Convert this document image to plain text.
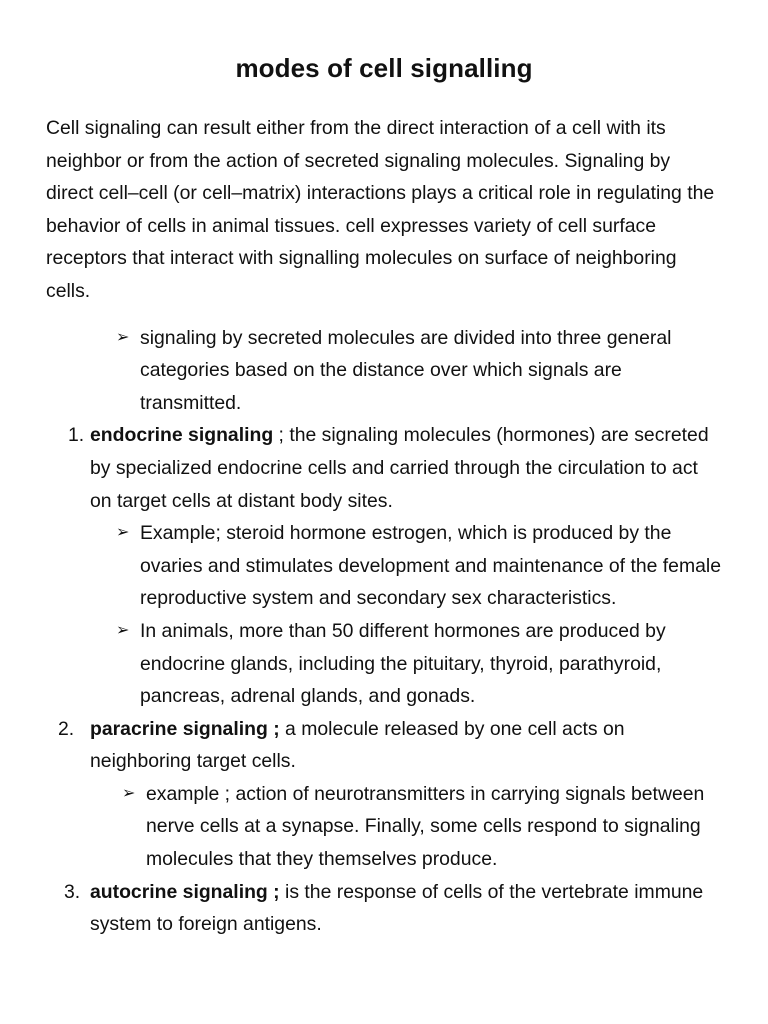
modes of cell signalling

Cell signaling can result either from the direct interaction of a cell with its neighbor or from the action of secreted signaling molecules. Signaling by direct cell–cell (or cell–matrix) interactions plays a critical role in regulating the behavior of cells in animal tissues. cell expresses variety of cell surface receptors that interact with signalling molecules on surface of neighboring cells.

➢ signaling by secreted molecules are divided into three general categories based on the distance over which signals are transmitted.
1. endocrine signaling ; the signaling molecules (hormones) are secreted by specialized endocrine cells and carried through the circulation to act on target cells at distant body sites.
➢ Example; steroid hormone estrogen, which is produced by the ovaries and stimulates development and maintenance of the female reproductive system and secondary sex characteristics.
➢ In animals, more than 50 different hormones are produced by endocrine glands, including the pituitary, thyroid, parathyroid, pancreas, adrenal glands, and gonads.
2. paracrine signaling ; a molecule released by one cell acts on neighboring target cells.
➢ example ; action of neurotransmitters in carrying signals between nerve cells at a synapse. Finally, some cells respond to signaling molecules that they themselves produce.
3. autocrine signaling ; is the response of cells of the vertebrate immune system to foreign antigens.
